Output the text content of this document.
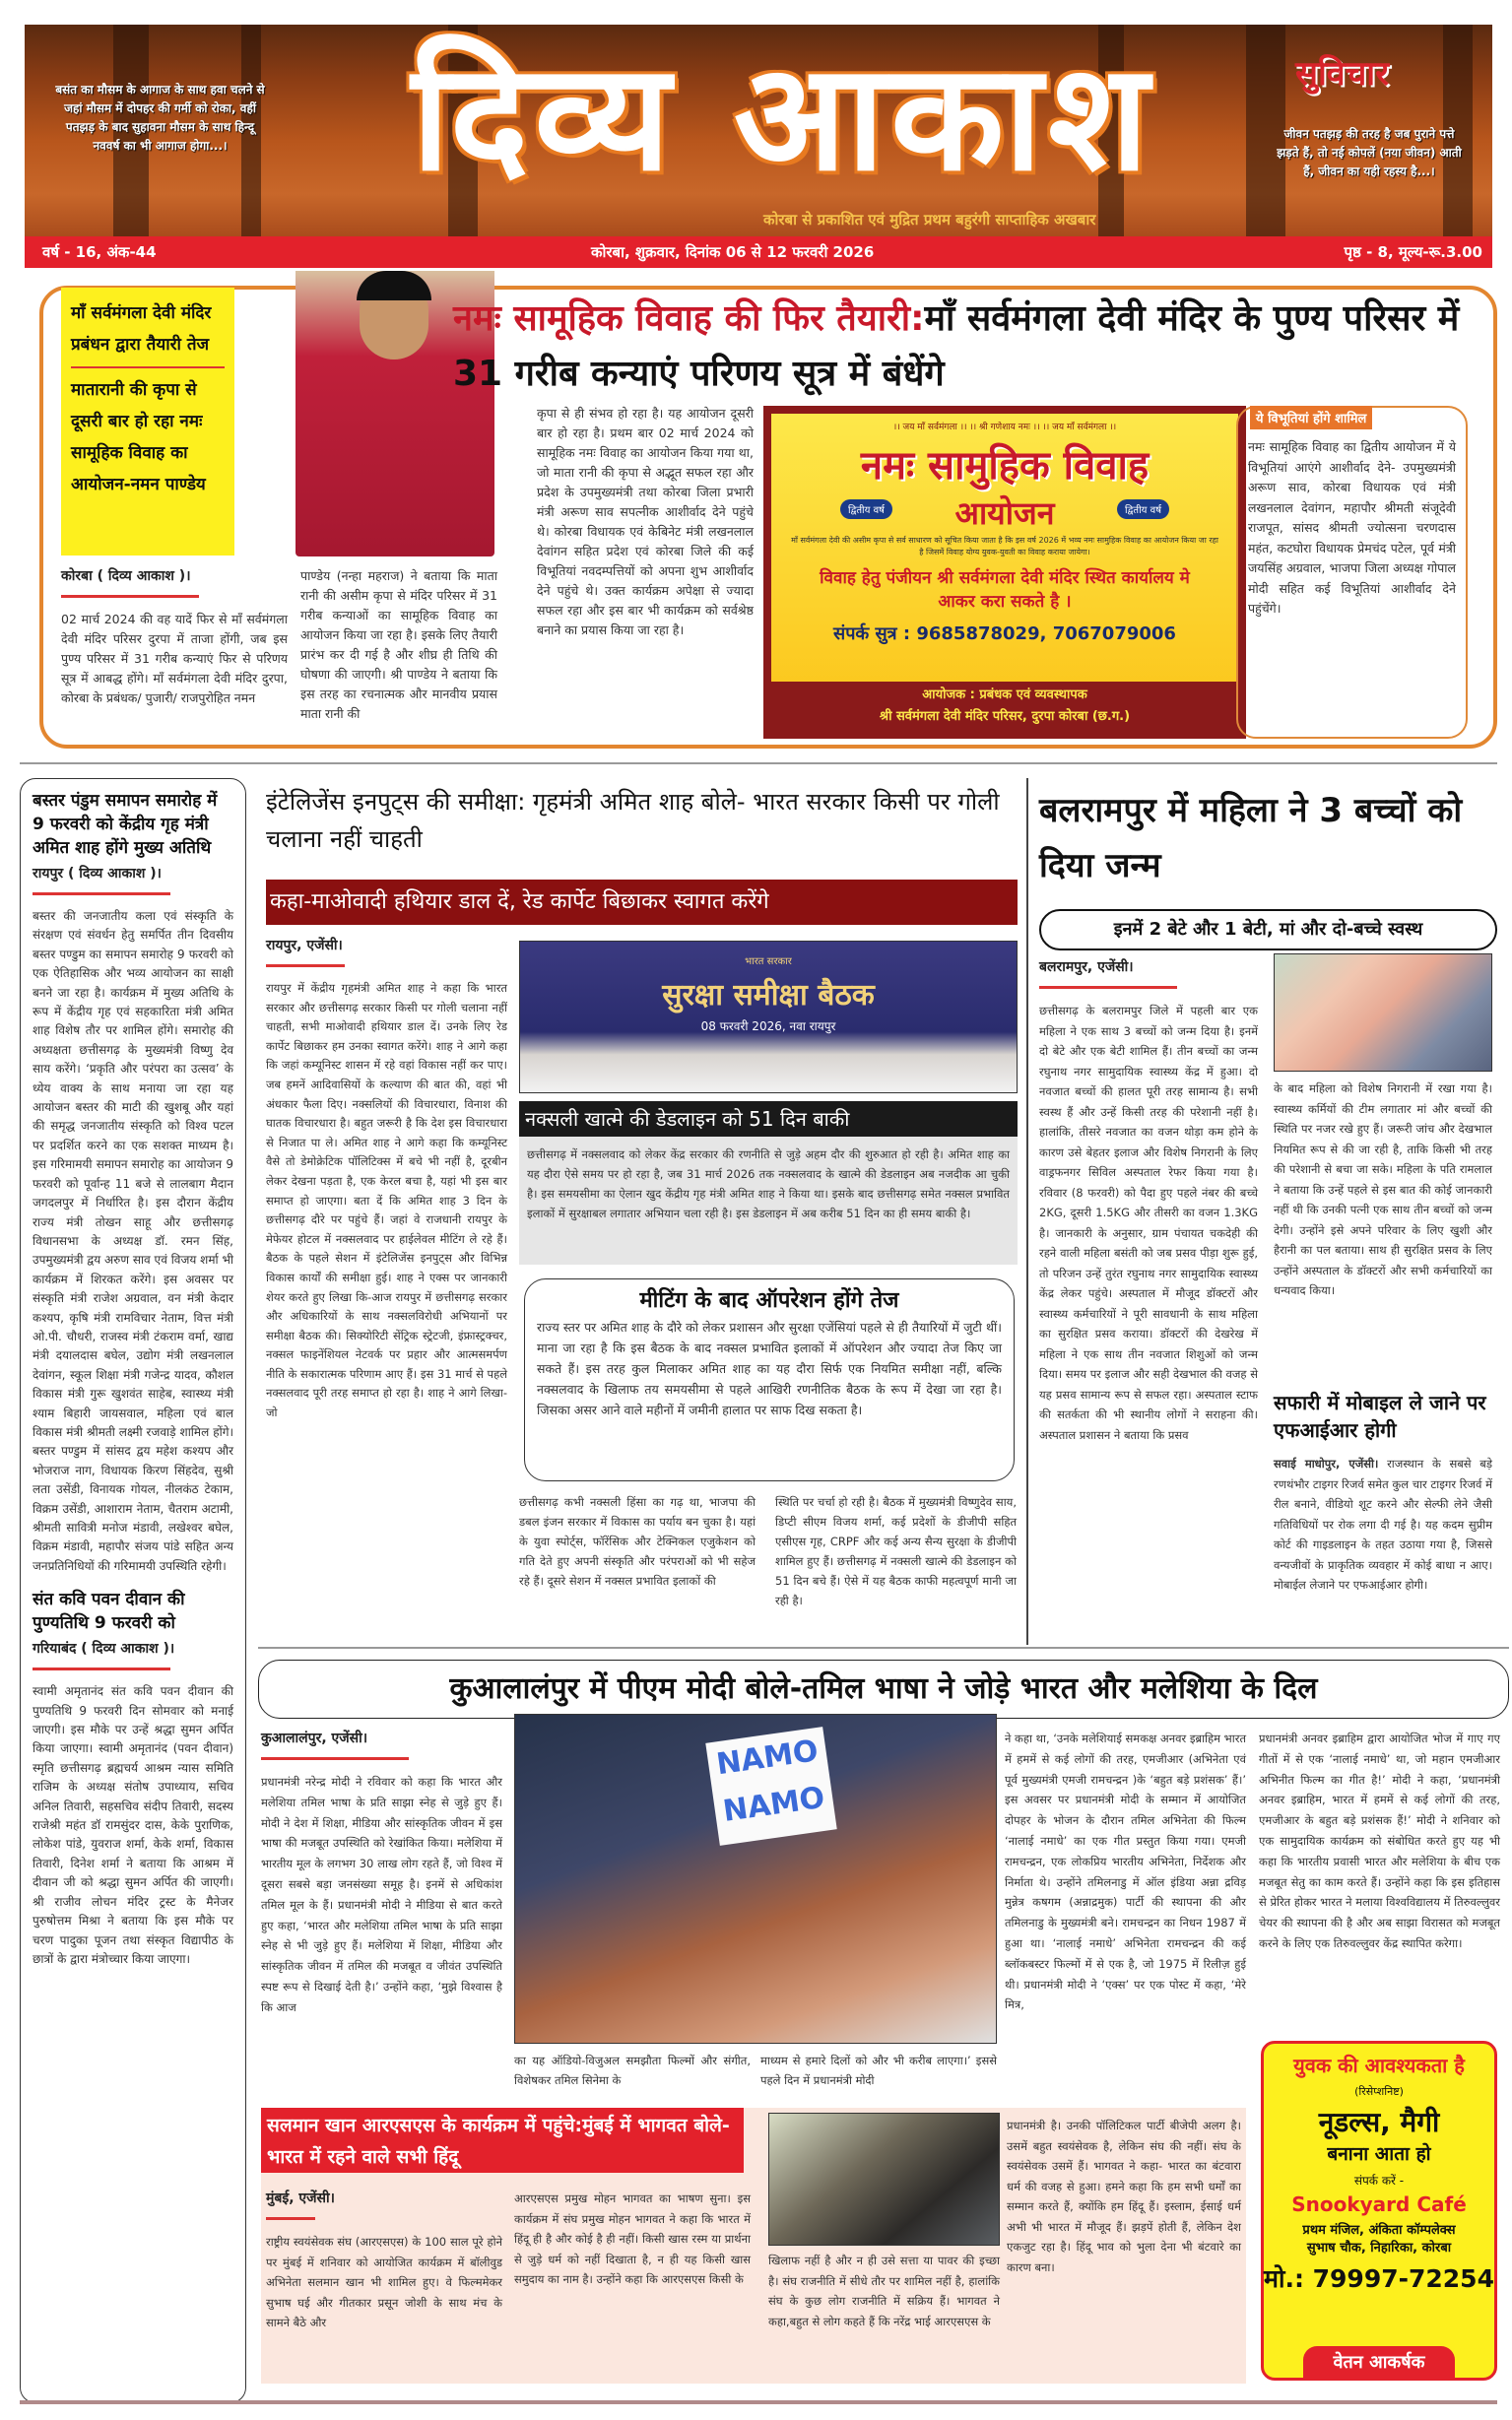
बसंत का मौसम के आगाज के साथ हवा चलने से जहां मौसम में दोपहर की गर्मी को रोका, वहीं पतझड़ के बाद सुहावना मौसम के साथ हिन्दू नववर्ष का भी आगाज होगा...।	दिव्य आकाश
कोरबा से प्रकाशित एवं मुद्रित प्रथम बहुरंगी साप्ताहिक अखबार
सुविचार
जीवन पतझड़ की तरह है जब पुराने पत्ते झड़ते हैं, तो नई कोपलें (नया जीवन) आती हैं, जीवन का यही रहस्य है...।
वर्ष - 16, अंक-44	कोरबा, शुक्रवार, दिनांक 06 से 12 फरवरी 2026	पृष्ठ - 8, मूल्य-रू.3.00
माँ सर्वमंगला देवी मंदिर प्रबंधन द्वारा तैयारी तेज
मातारानी की कृपा से दूसरी बार हो रहा नमः सामूहिक विवाह का आयोजन-नमन पाण्डेय
नमः सामूहिक विवाह की फिर तैयारी:माँ सर्वमंगला देवी मंदिर के पुण्य परिसर में 31 गरीब कन्याएं परिणय सूत्र में बंधेंगे
कोरबा ( दिव्य आकाश )।
02 मार्च 2024 की वह यादें फिर से माँ सर्वमंगला देवी मंदिर परिसर दुरपा में ताजा होंगी, जब इस पुण्य परिसर में 31 गरीब कन्याएं फिर से परिणय सूत्र में आबद्ध होंगे। माँ सर्वमंगला देवी मंदिर दुरपा, कोरबा के प्रबंधक/ पुजारी/ राजपुरोहित नमन
पाण्डेय (नन्हा महराज) ने बताया कि माता रानी की असीम कृपा से मंदिर परिसर में 31 गरीब कन्याओं का सामूहिक विवाह का आयोजन किया जा रहा है। इसके लिए तैयारी प्रारंभ कर दी गई है और शीघ्र ही तिथि की घोषणा की जाएगी। श्री पाण्डेय ने बताया कि इस तरह का रचनात्मक और मानवीय प्रयास माता रानी की
कृपा से ही संभव हो रहा है। यह आयोजन दूसरी बार हो रहा है। प्रथम बार 02 मार्च 2024 को सामूहिक नमः विवाह का आयोजन किया गया था, जो माता रानी की कृपा से अद्भूत सफल रहा और प्रदेश के उपमुख्यमंत्री तथा कोरबा जिला प्रभारी मंत्री अरूण साव सपत्नीक आशीर्वाद देने पहुंचे थे। कोरबा विधायक एवं केबिनेट मंत्री लखनलाल देवांगन सहित प्रदेश एवं कोरबा जिले की कई विभूतियां नवदम्पत्तियों को अपना शुभ आशीर्वाद देने पहुंचे थे। उक्त कार्यक्रम अपेक्षा से ज्यादा सफल रहा और इस बार भी कार्यक्रम को सर्वश्रेष्ठ बनाने का प्रयास किया जा रहा है।
।। जय माँ सर्वमंगला ।। ।। श्री गणेशाय नमः ।। ।। जय माँ सर्वमंगला ।।
नमः सामुहिक विवाह
द्वितीय वर्ष आयोजन	द्वितीय वर्ष
माँ सर्वमंगला देवी की असीम कृपा से सर्व साधारण को सूचित किया जाता है कि इस वर्ष 2026 में भव्य नमः सामुहिक विवाह का आयोजन किया जा रहा है जिसमें विवाह योग्य युवक-युवती का विवाह कराया जायेगा।
विवाह हेतु पंजीयन श्री सर्वमंगला देवी मंदिर स्थित कार्यालय मे आकर करा सकते है ।
संपर्क सुत्र : 9685878029, 7067079006
आयोजक : प्रबंधक एवं व्यवस्थापक
श्री सर्वमंगला देवी मंदिर परिसर, दुरपा कोरबा (छ.ग.)
ये विभूतियां होंगे शामिल
नमः सामूहिक विवाह का द्वितीय आयोजन में ये विभूतियां आएंगे आशीर्वाद देने- उपमुख्यमंत्री अरूण साव, कोरबा विधायक एवं मंत्री लखनलाल देवांगन, महापौर श्रीमती संजूदेवी राजपूत, सांसद श्रीमती ज्योत्सना चरणदास महंत, कटघोरा विधायक प्रेमचंद पटेल, पूर्व मंत्री जयसिंह अग्रवाल, भाजपा जिला अध्यक्ष गोपाल मोदी सहित कई विभूतियां आशीर्वाद देने पहुंचेंगे।
बस्तर पंडुम समापन समारोह में 9 फरवरी को केंद्रीय गृह मंत्री अमित शाह होंगे मुख्य अतिथि
रायपुर ( दिव्य आकाश )।
बस्तर की जनजातीय कला एवं संस्कृति के संरक्षण एवं संवर्धन हेतु समर्पित तीन दिवसीय बस्तर पण्डुम का समापन समारोह 9 फरवरी को एक ऐतिहासिक और भव्य आयोजन का साक्षी बनने जा रहा है। कार्यक्रम में मुख्य अतिथि के रूप में केंद्रीय गृह एवं सहकारिता मंत्री अमित शाह विशेष तौर पर शामिल होंगे। समारोह की अध्यक्षता छत्तीसगढ़ के मुख्यमंत्री विष्णु देव साय करेंगे। ‘प्रकृति और परंपरा का उत्सव’ के ध्येय वाक्य के साथ मनाया जा रहा यह आयोजन बस्तर की माटी की खुशबू और यहां की समृद्ध जनजातीय संस्कृति को विश्व पटल पर प्रदर्शित करने का एक सशक्त माध्यम है। इस गरिमामयी समापन समारोह का आयोजन 9 फरवरी को पूर्वान्ह 11 बजे से लालबाग मैदान जगदलपुर में निर्धारित है। इस दौरान केंद्रीय राज्य मंत्री तोखन साहू और छत्तीसगढ़ विधानसभा के अध्यक्ष डॉ. रमन सिंह, उपमुख्यमंत्री द्वय अरुण साव एवं विजय शर्मा भी कार्यक्रम में शिरकत करेंगे। इस अवसर पर संस्कृति मंत्री राजेश अग्रवाल, वन मंत्री केदार कश्यप, कृषि मंत्री रामविचार नेताम, वित्त मंत्री ओ.पी. चौधरी, राजस्व मंत्री टंकराम वर्मा, खाद्य मंत्री दयालदास बघेल, उद्योग मंत्री लखनलाल देवांगन, स्कूल शिक्षा मंत्री गजेन्द्र यादव, कौशल विकास मंत्री गुरू खुशवंत साहेब, स्वास्थ्य मंत्री श्याम बिहारी जायसवाल, महिला एवं बाल विकास मंत्री श्रीमती लक्ष्मी रजवाड़े शामिल होंगे। बस्तर पण्डुम में सांसद द्वय महेश कश्यप और भोजराज नाग, विधायक किरण सिंहदेव, सुश्री लता उसेंडी, विनायक गोयल, नीलकंठ टेकाम, विक्रम उसेंडी, आशाराम नेताम, चैतराम अटामी, श्रीमती सावित्री मनोज मंडावी, लखेश्वर बघेल, विक्रम मंडावी, महापौर संजय पांडे सहित अन्य जनप्रतिनिधियों की गरिमामयी उपस्थिति रहेगी।
संत कवि पवन दीवान की पुण्यतिथि 9 फरवरी को
गरियाबंद ( दिव्य आकाश )।
स्वामी अमृतानंद संत कवि पवन दीवान की पुण्यतिथि 9 फरवरी दिन सोमवार को मनाई जाएगी। इस मौके पर उन्हें श्रद्धा सुमन अर्पित किया जाएगा। स्वामी अमृतानंद (पवन दीवान) स्मृति छत्तीसगढ़ ब्रह्मचर्य आश्रम न्यास समिति राजिम के अध्यक्ष संतोष उपाध्याय, सचिव अनिल तिवारी, सहसचिव संदीप तिवारी, सदस्य राजेश्री महंत डॉ रामसुंदर दास, केके पुराणिक, लोकेश पांडे, युवराज शर्मा, केके शर्मा, विकास तिवारी, दिनेश शर्मा ने बताया कि आश्रम में दीवान जी को श्रद्धा सुमन अर्पित की जाएगी। श्री राजीव लोचन मंदिर ट्रस्ट के मैनेजर पुरुषोत्तम मिश्रा ने बताया कि इस मौके पर चरण पादुका पूजन तथा संस्कृत विद्यापीठ के छात्रों के द्वारा मंत्रोच्चार किया जाएगा।
इंटेलिजेंस इनपुट्स की समीक्षा: गृहमंत्री अमित शाह बोले- भारत सरकार किसी पर गोली चलाना नहीं चाहती
कहा-माओवादी हथियार डाल दें, रेड कार्पेट बिछाकर स्वागत करेंगे
रायपुर, एजेंसी।
रायपुर में केंद्रीय गृहमंत्री अमित शाह ने कहा कि भारत सरकार और छत्तीसगढ़ सरकार किसी पर गोली चलाना नहीं चाहती, सभी माओवादी हथियार डाल दें। उनके लिए रेड कार्पेट बिछाकर हम उनका स्वागत करेंगे। शाह ने आगे कहा कि जहां कम्यूनिस्ट शासन में रहे वहां विकास नहीं कर पाए। जब हमनें आदिवासियों के कल्याण की बात की, वहां भी अंधकार फैला दिए। नक्सलियों की विचारधारा, विनाश की घातक विचारधारा है। बहुत जरूरी है कि देश इस विचारधारा से निजात पा ले। अमित शाह ने आगे कहा कि कम्यूनिस्ट वैसे तो डेमोक्रेटिक पॉलिटिक्स में बचे भी नहीं है, दूरबीन लेकर देखना पड़ता है, एक केरल बचा है, यहां भी इस बार समाप्त हो जाएगा। बता दें कि अमित शाह 3 दिन के छत्तीसगढ़ दौरे पर पहुंचे हैं। जहां वे राजधानी रायपुर के मेफेयर होटल में नक्सलवाद पर हाईलेवल मीटिंग ले रहे हैं। बैठक के पहले सेशन में इंटेलिजेंस इनपुट्स और विभिन्न विकास कार्यों की समीक्षा हुई। शाह ने एक्स पर जानकारी शेयर करते हुए लिखा कि-आज रायपुर में छत्तीसगढ़ सरकार और अधिकारियों के साथ नक्सलविरोधी अभियानों पर समीक्षा बैठक की। सिक्योरिटी सेंट्रिक स्ट्रेटजी, इंफ्रास्ट्रक्चर, नक्सल फाइनेंशियल नेटवर्क पर प्रहार और आत्मसमर्पण नीति के सकारात्मक परिणाम आए हैं। इस 31 मार्च से पहले नक्सलवाद पूरी तरह समाप्त हो रहा है। शाह ने आगे लिखा- जो
भारत सरकार
सुरक्षा समीक्षा बैठक
08 फरवरी 2026, नवा रायपुर
नक्सली खात्मे की डेडलाइन को 51 दिन बाकी
छत्तीसगढ़ में नक्सलवाद को लेकर केंद्र सरकार की रणनीति से जुड़े अहम दौर की शुरुआत हो रही है। अमित शाह का यह दौरा ऐसे समय पर हो रहा है, जब 31 मार्च 2026 तक नक्सलवाद के खात्मे की डेडलाइन अब नजदीक आ चुकी है। इस समयसीमा का ऐलान खुद केंद्रीय गृह मंत्री अमित शाह ने किया था। इसके बाद छत्तीसगढ़ समेत नक्सल प्रभावित इलाकों में सुरक्षाबल लगातार अभियान चला रही है। इस डेडलाइन में अब करीब 51 दिन का ही समय बाकी है।
मीटिंग के बाद ऑपरेशन होंगे तेज
राज्य स्तर पर अमित शाह के दौरे को लेकर प्रशासन और सुरक्षा एजेंसियां पहले से ही तैयारियों में जुटी थीं। माना जा रहा है कि इस बैठक के बाद नक्सल प्रभावित इलाकों में ऑपरेशन और ज्यादा तेज किए जा सकते हैं। इस तरह कुल मिलाकर अमित शाह का यह दौरा सिर्फ एक नियमित समीक्षा नहीं, बल्कि नक्सलवाद के खिलाफ तय समयसीमा से पहले आखिरी रणनीतिक बैठक के रूप में देखा जा रहा है। जिसका असर आने वाले महीनों में जमीनी हालात पर साफ दिख सकता है।
छत्तीसगढ़ कभी नक्सली हिंसा का गढ़ था, भाजपा की डबल इंजन सरकार में विकास का पर्याय बन चुका है। यहां के युवा स्पोर्ट्स, फॉरेंसिक और टेक्निकल एजुकेशन को गति देते हुए अपनी संस्कृति और परंपराओं को भी सहेज रहे हैं। दूसरे सेशन में नक्सल प्रभावित इलाकों की
स्थिति पर चर्चा हो रही है। बैठक में मुख्यमंत्री विष्णुदेव साय, डिप्टी सीएम विजय शर्मा, कई प्रदेशों के डीजीपी सहित एसीएस गृह, CRPF और कई अन्य सैन्य सुरक्षा के डीजीपी शामिल हुए हैं। छत्तीसगढ़ में नक्सली खात्मे की डेडलाइन को 51 दिन बचे हैं। ऐसे में यह बैठक काफी महत्वपूर्ण मानी जा रही है।
बलरामपुर में महिला ने 3 बच्चों को दिया जन्म
इनमें 2 बेटे और 1 बेटी, मां और दो-बच्चे स्वस्थ
बलरामपुर, एजेंसी।
छत्तीसगढ़ के बलरामपुर जिले में पहली बार एक महिला ने एक साथ 3 बच्चों को जन्म दिया है। इनमें दो बेटे और एक बेटी शामिल हैं। तीन बच्चों का जन्म रघुनाथ नगर सामुदायिक स्वास्थ्य केंद्र में हुआ। दो नवजात बच्चों की हालत पूरी तरह सामान्य है। सभी स्वस्थ हैं और उन्हें किसी तरह की परेशानी नहीं है। हालांकि, तीसरे नवजात का वजन थोड़ा कम होने के कारण उसे बेहतर इलाज और विशेष निगरानी के लिए वाड्रफनगर सिविल अस्पताल रेफर किया गया है। रविवार (8 फरवरी) को पैदा हुए पहले नंबर की बच्चे 2KG, दूसरी 1.5KG और तीसरी का वजन 1.3KG है। जानकारी के अनुसार, ग्राम पंचायत चकदेही की रहने वाली महिला बसंती को जब प्रसव पीड़ा शुरू हुई, तो परिजन उन्हें तुरंत रघुनाथ नगर सामुदायिक स्वास्थ्य केंद्र लेकर पहुंचे। अस्पताल में मौजूद डॉक्टरों और स्वास्थ्य कर्मचारियों ने पूरी सावधानी के साथ महिला का सुरक्षित प्रसव कराया। डॉक्टरों की देखरेख में महिला ने एक साथ तीन नवजात शिशुओं को जन्म दिया। समय पर इलाज और सही देखभाल की वजह से यह प्रसव सामान्य रूप से सफल रहा। अस्पताल स्टाफ की सतर्कता की भी स्थानीय लोगों ने सराहना की। अस्पताल प्रशासन ने बताया कि प्रसव
के बाद महिला को विशेष निगरानी में रखा गया है। स्वास्थ्य कर्मियों की टीम लगातार मां और बच्चों की स्थिति पर नजर रखे हुए हैं। जरूरी जांच और देखभाल नियमित रूप से की जा रही है, ताकि किसी भी तरह की परेशानी से बचा जा सके। महिला के पति रामलाल ने बताया कि उन्हें पहले से इस बात की कोई जानकारी नहीं थी कि उनकी पत्नी एक साथ तीन बच्चों को जन्म देगी। उन्होंने इसे अपने परिवार के लिए खुशी और हैरानी का पल बताया। साथ ही सुरक्षित प्रसव के लिए उन्होंने अस्पताल के डॉक्टरों और सभी कर्मचारियों का धन्यवाद किया।
सफारी में मोबाइल ले जाने पर एफआईआर होगी
सवाई माधोपुर, एजेंसी। राजस्थान के सबसे बड़े रणथंभौर टाइगर रिजर्व समेत कुल चार टाइगर रिजर्व में रील बनाने, वीडियो शूट करने और सेल्फी लेने जैसी गतिविधियों पर रोक लगा दी गई है। यह कदम सुप्रीम कोर्ट की गाइडलाइन के तहत उठाया गया है, जिससे वन्यजीवों के प्राकृतिक व्यवहार में कोई बाधा न आए। मोबाईल लेजाने पर एफआईआर होगी।
कुआलालंपुर में पीएम मोदी बोले-तमिल भाषा ने जोड़े भारत और मलेशिया के दिल
कुआलालंपुर, एजेंसी।
प्रधानमंत्री नरेन्द्र मोदी ने रविवार को कहा कि भारत और मलेशिया तमिल भाषा के प्रति साझा स्नेह से जुड़े हुए हैं। मोदी ने देश में शिक्षा, मीडिया और सांस्कृतिक जीवन में इस भाषा की मजबूत उपस्थिति को रेखांकित किया। मलेशिया में भारतीय मूल के लगभग 30 लाख लोग रहते हैं, जो विश्व में दूसरा सबसे बड़ा जनसंख्या समूह है। इनमें से अधिकांश तमिल मूल के हैं। प्रधानमंत्री मोदी ने मीडिया से बात करते हुए कहा, ‘भारत और मलेशिया तमिल भाषा के प्रति साझा स्नेह से भी जुड़े हुए हैं। मलेशिया में शिक्षा, मीडिया और सांस्कृतिक जीवन में तमिल की मजबूत व जीवंत उपस्थिति स्पष्ट रूप से दिखाई देती है।’ उन्होंने कहा, ‘मुझे विश्वास है कि आज
NAMO NAMO
का यह ऑडियो-विजुअल समझौता फिल्मों और संगीत, विशेषकर तमिल सिनेमा के
माध्यम से हमारे दिलों को और भी करीब लाएगा।’ इससे पहले दिन में प्रधानमंत्री मोदी
ने कहा था, ‘उनके मलेशियाई समकक्ष अनवर इब्राहिम भारत में हममें से कई लोगों की तरह, एमजीआर (अभिनेता एवं पूर्व मुख्यमंत्री एमजी रामचन्द्रन )के ‘बहुत बड़े प्रशंसक’ हैं।’ इस अवसर पर प्रधानमंत्री मोदी के सम्मान में आयोजित दोपहर के भोजन के दौरान तमिल अभिनेता की फिल्म ‘नालाई नमाधे’ का एक गीत प्रस्तुत किया गया। एमजी रामचन्द्रन, एक लोकप्रिय भारतीय अभिनेता, निर्देशक और निर्माता थे। उन्होंने तमिलनाडु में ऑल इंडिया अन्ना द्रविड़ मुन्नेत्र कषगम (अन्नाद्रमुक) पार्टी की स्थापना की और तमिलनाडु के मुख्यमंत्री बने। रामचन्द्रन का निधन 1987 में हुआ था। ‘नालाई नमाधे’ अभिनेता रामचन्द्रन की कई ब्लॉकबस्टर फिल्मों में से एक है, जो 1975 में रिलीज़ हुई थी। प्रधानमंत्री मोदी ने ‘एक्स’ पर एक पोस्ट में कहा, ‘मेरे मित्र,
प्रधानमंत्री अनवर इब्राहिम द्वारा आयोजित भोज में गाए गए गीतों में से एक ‘नालाई नमाधे’ था, जो महान एमजीआर अभिनीत फिल्म का गीत है!’ मोदी ने कहा, ‘प्रधानमंत्री अनवर इब्राहिम, भारत में हममें से कई लोगों की तरह, एमजीआर के बहुत बड़े प्रशंसक हैं!’ मोदी ने शनिवार को एक सामुदायिक कार्यक्रम को संबोधित करते हुए यह भी कहा कि भारतीय प्रवासी भारत और मलेशिया के बीच एक मजबूत सेतु का काम करते हैं। उन्होंने कहा कि इस इतिहास से प्रेरित होकर भारत ने मलाया विश्वविद्यालय में तिरुवल्लुवर चेयर की स्थापना की है और अब साझा विरासत को मजबूत करने के लिए एक तिरुवल्लुवर केंद्र स्थापित करेगा।
सलमान खान आरएसएस के कार्यक्रम में पहुंचे:मुंबई में भागवत बोले- भारत में रहने वाले सभी हिंदू
मुंबई, एजेंसी।
राष्ट्रीय स्वयंसेवक संघ (आरएसएस) के 100 साल पूरे होने पर मुंबई में शनिवार को आयोजित कार्यक्रम में बॉलीवुड अभिनेता सलमान खान भी शामिल हुए। वे फिल्ममेकर सुभाष घई और गीतकार प्रसून जोशी के साथ मंच के सामने बैठे और
आरएसएस प्रमुख मोहन भागवत का भाषण सुना। इस कार्यक्रम में संघ प्रमुख मोहन भागवत ने कहा कि भारत में हिंदू ही है और कोई है ही नहीं। किसी खास रस्म या प्रार्थना से जुड़े धर्म को नहीं दिखाता है, न ही यह किसी खास समुदाय का नाम है। उन्होंने कहा कि आरएसएस किसी के
खिलाफ नहीं है और न ही उसे सत्ता या पावर की इच्छा है। संघ राजनीति में सीधे तौर पर शामिल नहीं है, हालांकि संघ के कुछ लोग राजनीति में सक्रिय हैं। भागवत ने कहा,बहुत से लोग कहते हैं कि नरेंद्र भाई आरएसएस के
प्रधानमंत्री है। उनकी पॉलिटिकल पार्टी बीजेपी अलग है। उसमें बहुत स्वयंसेवक है, लेकिन संघ की नहीं। संघ के स्वयंसेवक उसमें हैं। भागवत ने कहा- भारत का बंटवारा धर्म की वजह से हुआ। हमने कहा कि हम सभी धर्मों का सम्मान करते हैं, क्योंकि हम हिंदू हैं। इस्लाम, ईसाई धर्म अभी भी भारत में मौजूद हैं। झड़पें होती हैं, लेकिन देश एकजुट रहा है। हिंदू भाव को भुला देना भी बंटवारे का कारण बना।
युवक की आवश्यकता है
(रिसेप्शनिष्ट)
नूडल्स, मैगी
बनाना आता हो
संपर्क करें -
Snookyard Café
प्रथम मंजिल, अंकिता कॉम्पलेक्स
सुभाष चौक, निहारिका, कोरबा
मो.: 79997-72254
वेतन आकर्षक
